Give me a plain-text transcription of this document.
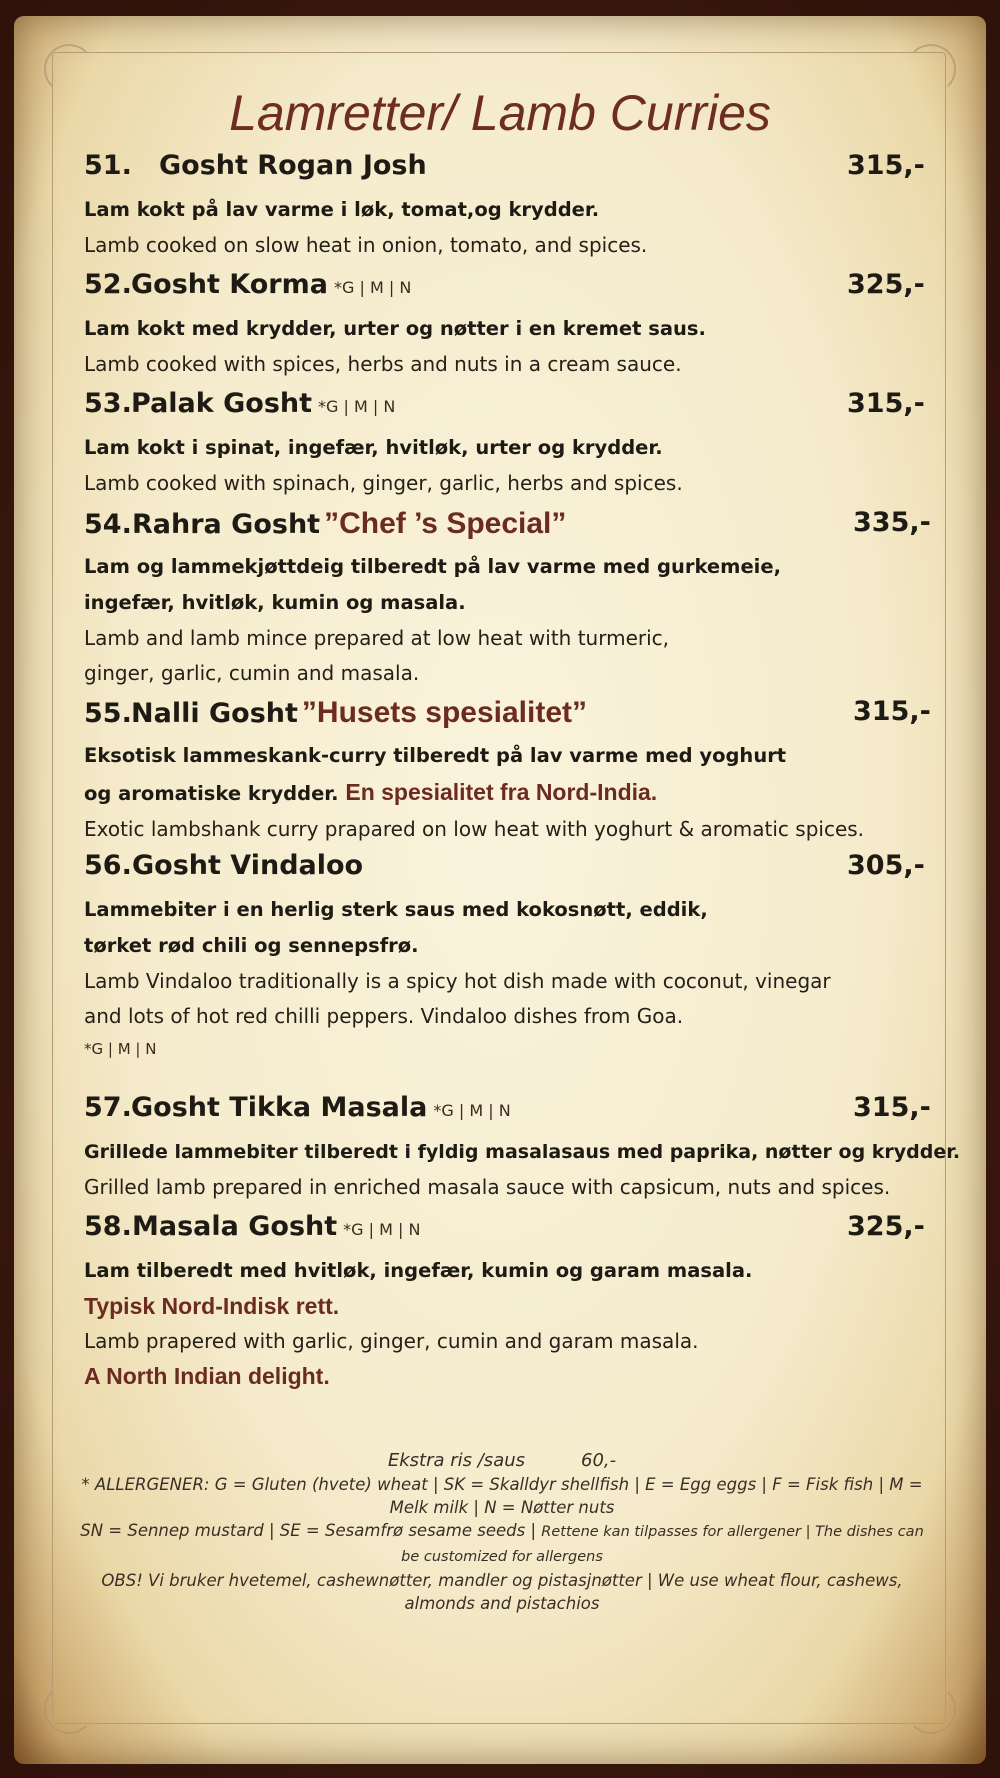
Lamretter/ Lamb Curries
51. Gosht Rogan Josh	315,-
Lam kokt på lav varme i løk, tomat,og krydder.
Lamb cooked on slow heat in onion, tomato, and spices.
52.Gosht Korma *G | M | N	325,-
Lam kokt med krydder, urter og nøtter i en kremet saus.
Lamb cooked with spices, herbs and nuts in a cream sauce.
53.Palak Gosht *G | M | N	315,-
Lam kokt i spinat, ingefær, hvitløk, urter og krydder.
Lamb cooked with spinach, ginger, garlic, herbs and spices.
54.Rahra Gosht ”Chef ’s Special”	335,-
Lam og lammekjøttdeig tilberedt på lav varme med gurkemeie,
ingefær, hvitløk, kumin og masala.
Lamb and lamb mince prepared at low heat with turmeric,
ginger, garlic, cumin and masala.
55.Nalli Gosht ”Husets spesialitet”	315,-
Eksotisk lammeskank-curry tilberedt på lav varme med yoghurt
og aromatiske krydder. En spesialitet fra Nord-India.
Exotic lambshank curry prapared on low heat with yoghurt & aromatic spices.
56.Gosht Vindaloo	305,-
Lammebiter i en herlig sterk saus med kokosnøtt, eddik,
tørket rød chili og sennepsfrø.
Lamb Vindaloo traditionally is a spicy hot dish made with coconut, vinegar
and lots of hot red chilli peppers. Vindaloo dishes from Goa.
*G | M | N
57.Gosht Tikka Masala *G | M | N	315,-
Grillede lammebiter tilberedt i fyldig masalasaus med paprika, nøtter og krydder.
Grilled lamb prepared in enriched masala sauce with capsicum, nuts and spices.
58.Masala Gosht *G | M | N	325,-
Lam tilberedt med hvitløk, ingefær, kumin og garam masala.
Typisk Nord-Indisk rett.
Lamb prapered with garlic, ginger, cumin and garam masala.
A North Indian delight.
Ekstra ris /saus	60,-
* ALLERGENER: G = Gluten (hvete) wheat | SK = Skalldyr shellfish | E = Egg eggs | F = Fisk fish | M =
Melk milk | N = Nøtter nuts
SN = Sennep mustard | SE = Sesamfrø sesame seeds | Rettene kan tilpasses for allergener | The dishes can
be customized for allergens
OBS! Vi bruker hvetemel, cashewnøtter, mandler og pistasjnøtter | We use wheat flour, cashews,
almonds and pistachios
